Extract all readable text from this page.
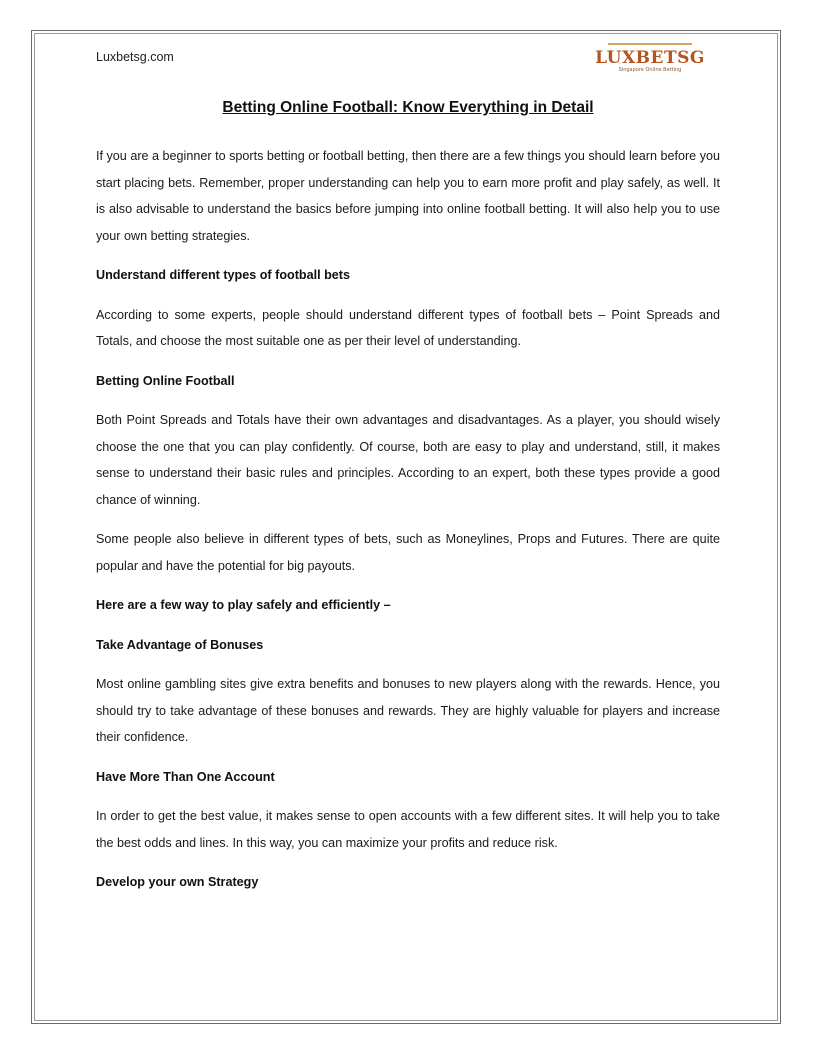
Luxbetsg.com	LUXBETSG
Singapore Online Betting
Betting Online Football: Know Everything in Detail

If you are a beginner to sports betting or football betting, then there are a few things you should learn before you start placing bets. Remember, proper understanding can help you to earn more profit and play safely, as well. It is also advisable to understand the basics before jumping into online football betting. It will also help you to use your own betting strategies.

Understand different types of football bets

According to some experts, people should understand different types of football bets – Point Spreads and Totals, and choose the most suitable one as per their level of understanding.

Betting Online Football

Both Point Spreads and Totals have their own advantages and disadvantages. As a player, you should wisely choose the one that you can play confidently. Of course, both are easy to play and understand, still, it makes sense to understand their basic rules and principles. According to an expert, both these types provide a good chance of winning.

Some people also believe in different types of bets, such as Moneylines, Props and Futures. There are quite popular and have the potential for big payouts.

Here are a few way to play safely and efficiently –

Take Advantage of Bonuses

Most online gambling sites give extra benefits and bonuses to new players along with the rewards. Hence, you should try to take advantage of these bonuses and rewards. They are highly valuable for players and increase their confidence.

Have More Than One Account

In order to get the best value, it makes sense to open accounts with a few different sites. It will help you to take the best odds and lines. In this way, you can maximize your profits and reduce risk.

Develop your own Strategy
